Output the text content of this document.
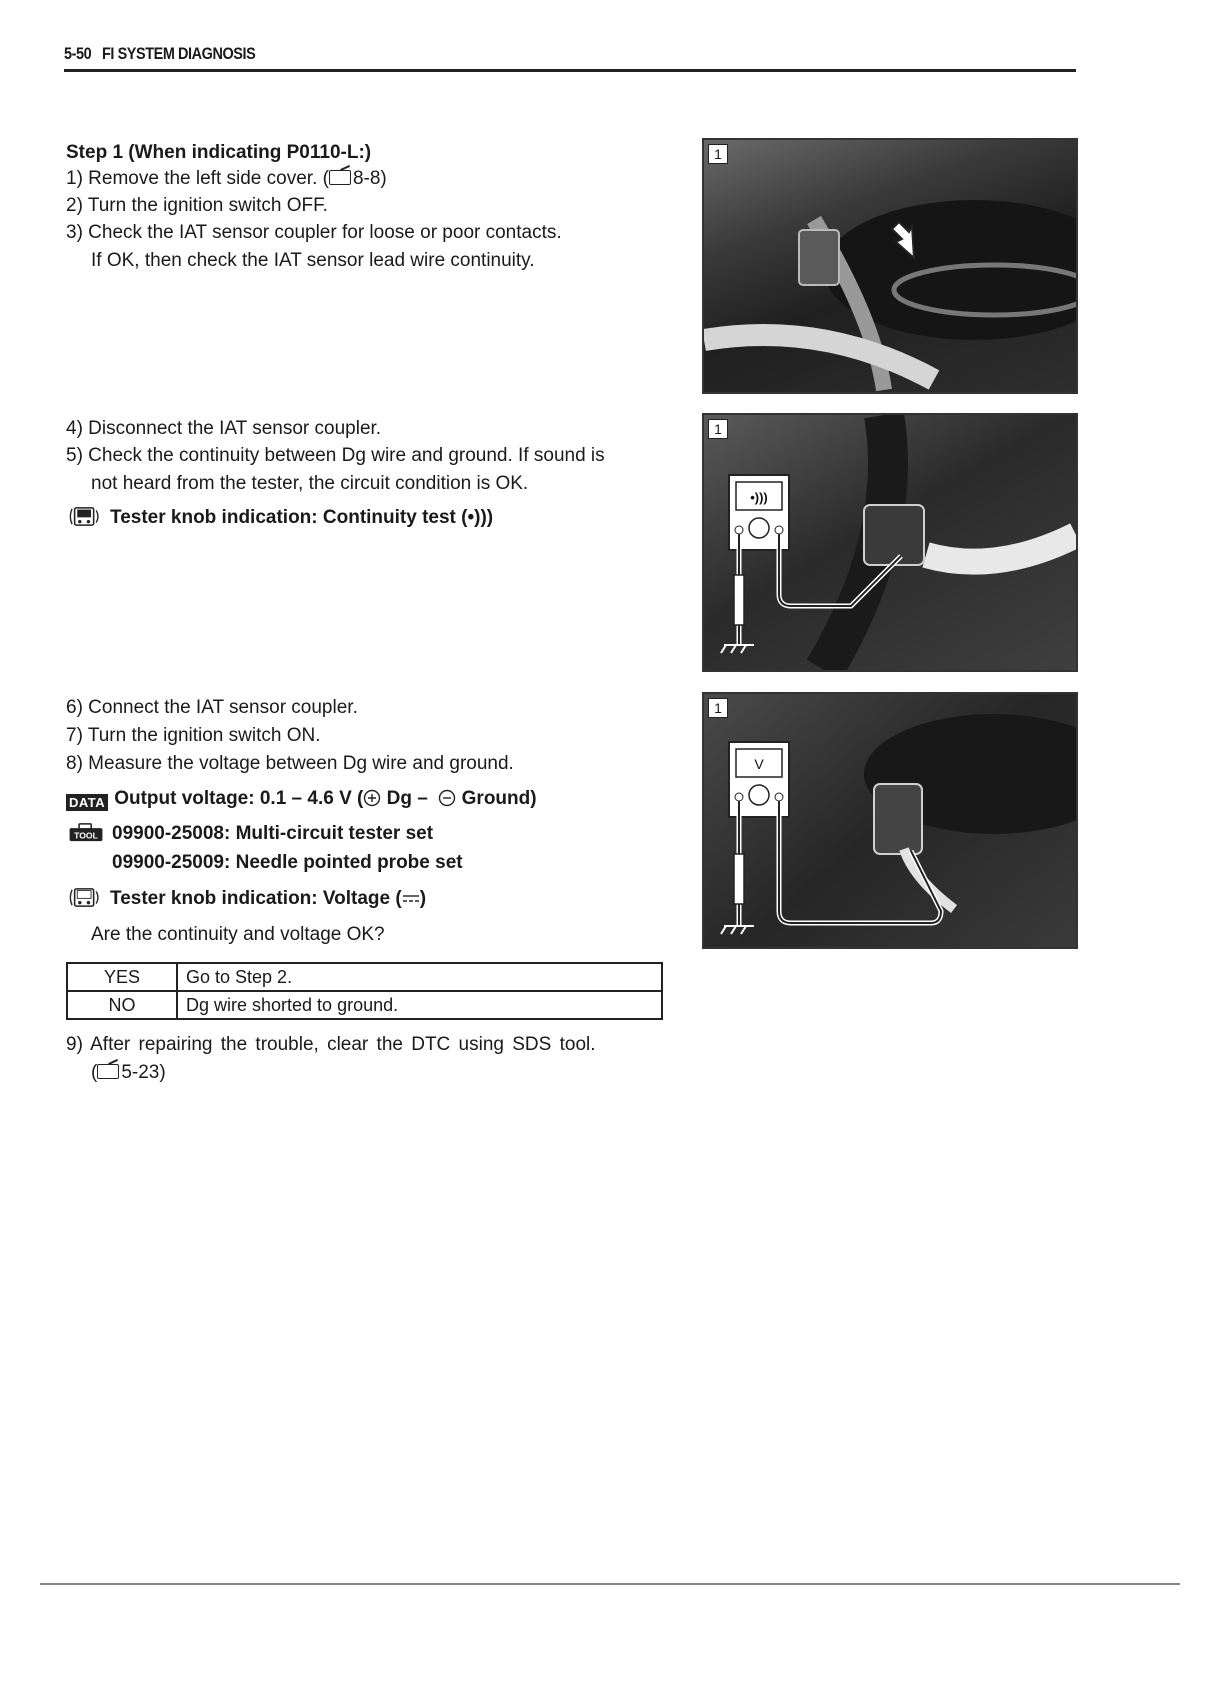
5-50 FI SYSTEM DIAGNOSIS
Step 1 (When indicating P0110-L:)
1) Remove the left side cover. ( 8-8)
2) Turn the ignition switch OFF.
3) Check the IAT sensor coupler for loose or poor contacts.
If OK, then check the IAT sensor lead wire continuity.
4) Disconnect the IAT sensor coupler.
5) Check the continuity between Dg wire and ground. If sound is
not heard from the tester, the circuit condition is OK.
Tester knob indication: Continuity test (•)))
6) Connect the IAT sensor coupler.
7) Turn the ignition switch ON.
8) Measure the voltage between Dg wire and ground.
DATA Output voltage: 0.1 – 4.6 V ( Dg –   Ground)
TOOL 09900-25008: Multi-circuit tester set
09900-25009: Needle pointed probe set
Tester knob indication: Voltage ( )
Are the continuity and voltage OK?
YES	Go to Step 2.
NO	Dg wire shorted to ground.
9) After repairing the trouble, clear the DTC using SDS tool.
( 5-23)
1
1
•)))
1
V
